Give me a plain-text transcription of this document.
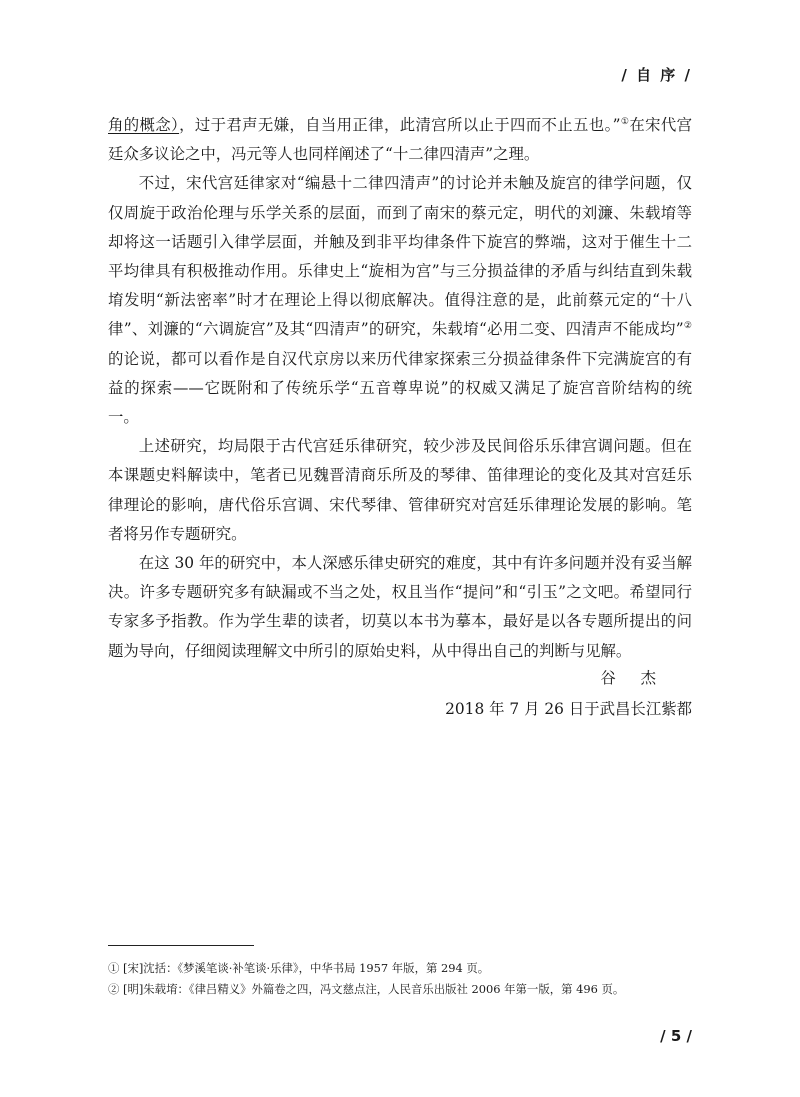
/ 自 序 /

角的概念），过于君声无嫌，自当用正律，此清宫所以止于四而不止五也。”①在宋代宫廷众多议论之中，冯元等人也同样阐述了“十二律四清声”之理。

不过，宋代宫廷律家对“编悬十二律四清声”的讨论并未触及旋宫的律学问题，仅仅周旋于政治伦理与乐学关系的层面，而到了南宋的蔡元定，明代的刘濂、朱载堉等却将这一话题引入律学层面，并触及到非平均律条件下旋宫的弊端，这对于催生十二平均律具有积极推动作用。乐律史上“旋相为宫”与三分损益律的矛盾与纠结直到朱载堉发明“新法密率”时才在理论上得以彻底解决。值得注意的是，此前蔡元定的“十八律”、刘濂的“六调旋宫”及其“四清声”的研究，朱载堉“必用二变、四清声不能成均”②的论说，都可以看作是自汉代京房以来历代律家探索三分损益律条件下完满旋宫的有益的探索——它既附和了传统乐学“五音尊卑说”的权威又满足了旋宫音阶结构的统一。

上述研究，均局限于古代宫廷乐律研究，较少涉及民间俗乐乐律宫调问题。但在本课题史料解读中，笔者已见魏晋清商乐所及的琴律、笛律理论的变化及其对宫廷乐律理论的影响，唐代俗乐宫调、宋代琴律、管律研究对宫廷乐律理论发展的影响。笔者将另作专题研究。

在这 30 年的研究中，本人深感乐律史研究的难度，其中有许多问题并没有妥当解决。许多专题研究多有缺漏或不当之处，权且当作“提问”和“引玉”之文吧。希望同行专家多予指教。作为学生辈的读者，切莫以本书为摹本，最好是以各专题所提出的问题为导向，仔细阅读理解文中所引的原始史料，从中得出自己的判断与见解。

谷 杰
2018 年 7 月 26 日于武昌长江紫都
① [宋]沈括：《梦溪笔谈·补笔谈·乐律》，中华书局 1957 年版，第 294 页。
② [明]朱载堉：《律吕精义》外篇卷之四，冯文慈点注，人民音乐出版社 2006 年第一版，第 496 页。
/ 5 /
